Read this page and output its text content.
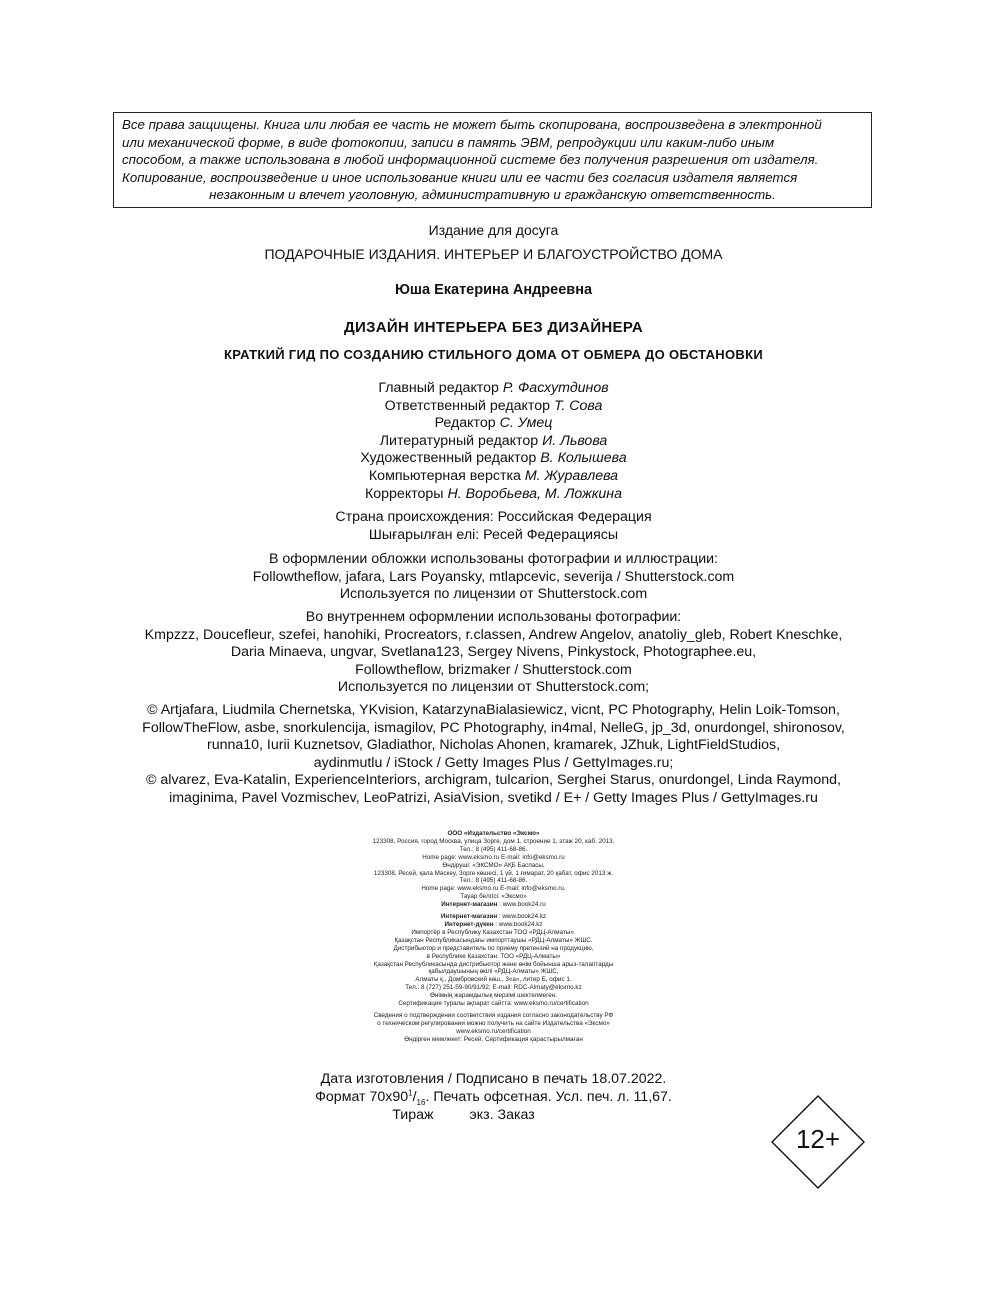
Все права защищены. Книга или любая ее часть не может быть скопирована, воспроизведена в электронной
или механической форме, в виде фотокопии, записи в память ЭВМ, репродукции или каким-либо иным
способом, а также использована в любой информационной системе без получения разрешения от издателя.
Копирование, воспроизведение и иное использование книги или ее части без согласия издателя является
незаконным и влечет уголовную, административную и гражданскую ответственность.
Издание для досуга
ПОДАРОЧНЫЕ ИЗДАНИЯ. ИНТЕРЬЕР И БЛАГОУСТРОЙСТВО ДОМА
Юша Екатерина Андреевна
ДИЗАЙН ИНТЕРЬЕРА БЕЗ ДИЗАЙНЕРА
КРАТКИЙ ГИД ПО СОЗДАНИЮ СТИЛЬНОГО ДОМА ОТ ОБМЕРА ДО ОБСТАНОВКИ
Главный редактор Р. Фасхутдинов
Ответственный редактор Т. Сова
Редактор С. Умец
Литературный редактор И. Львова
Художественный редактор В. Колышева
Компьютерная верстка М. Журавлева
Корректоры Н. Воробьева, М. Ложкина
Страна происхождения: Российская Федерация
Шығарылған елі: Ресей Федерациясы
В оформлении обложки использованы фотографии и иллюстрации:
Followtheflow, jafara, Lars Poyansky, mtlapcevic, severija / Shutterstock.com
Используется по лицензии от Shutterstock.com
Во внутреннем оформлении использованы фотографии:
Kmpzzz, Doucefleur, szefei, hanohiki, Procreators, r.classen, Andrew Angelov, anatoliy_gleb, Robert Kneschke,
Daria Minaeva, ungvar, Svetlana123, Sergey Nivens, Pinkystock, Photographee.eu,
Followtheflow, brizmaker / Shutterstock.com
Используется по лицензии от Shutterstock.com;
© Artjafara, Liudmila Chernetska, YKvision, KatarzynaBialasiewicz, vicnt, PC Photography, Helin Loik-Tomson,
FollowTheFlow, asbe, snorkulencija, ismagilov, PC Photography, in4mal, NelleG, jp_3d, onurdongel, shironosov,
runna10, Iurii Kuznetsov, Gladiathor, Nicholas Ahonen, kramarek, JZhuk, LightFieldStudios,
aydinmutlu / iStock / Getty Images Plus / GettyImages.ru;
© alvarez, Eva-Katalin, ExperienceInteriors, archigram, tulcarion, Serghei Starus, onurdongel, Linda Raymond,
imaginima, Pavel Vozmischev, LeoPatrizi, AsiaVision, svetikd / E+ / Getty Images Plus / GettyImages.ru
ООО «Издательство «Эксмо»
123308, Россия, город Москва, улица Зорге, дом 1, строение 1, этаж 20, каб. 2013.
Тел.: 8 (495) 411-68-86.
Home page: www.eksmo.ru E-mail: info@eksmo.ru
Өндіруші: «ЭКСМО» АҚБ Баспасы,
123308, Ресей, қала Мәскеу, Зорге көшесі, 1 үй, 1 ғимарат, 20 қабат, офис 2013 ж.
Тел.: 8 (495) 411-68-86.
Home page: www.eksmo.ru E-mail: info@eksmo.ru.
Тауар белгісі: «Эксмо»
Интернет-магазин : www.book24.ru
Интернет-магазин : www.book24.kz
Интернет-дүкен : www.book24.kz
Импортёр в Республику Казахстан ТОО «РДЦ-Алматы».
Қазақстан Республикасындағы импорттаушы «РДЦ-Алматы» ЖШС.
Дистрибьютор и представитель по приему претензий на продукцию,
в Республике Казахстан: ТОО «РДЦ-Алматы»
Қазақстан Республикасында дистрибьютор және өнім бойынша арыз-талаптарды
қабылдаушының өкілі «РДЦ-Алматы» ЖШС,
Алматы қ., Домбровский көш., 3«а», литер Б, офис 1.
Тел.: 8 (727) 251-59-90/91/92; E-mail: RDC-Almaty@eksmo.kz
Өнімнің жарамдылық мерзімі шектелмеген.
Сертификация туралы ақпарат сайтта: www.eksmo.ru/certification
Сведения о подтверждении соответствия издания согласно законодательству РФ
о техническом регулировании можно получить на сайте Издательства «Эксмо»
www.eksmo.ru/certification
Өндірген мемлекет: Ресей. Сертификация қарастырылмаған
Дата изготовления / Подписано в печать 18.07.2022.
Формат $70x90^1/_{16}$. Печать офсетная. Усл. печ. л. 11,67.
Тираж	экз. Заказ
12+
